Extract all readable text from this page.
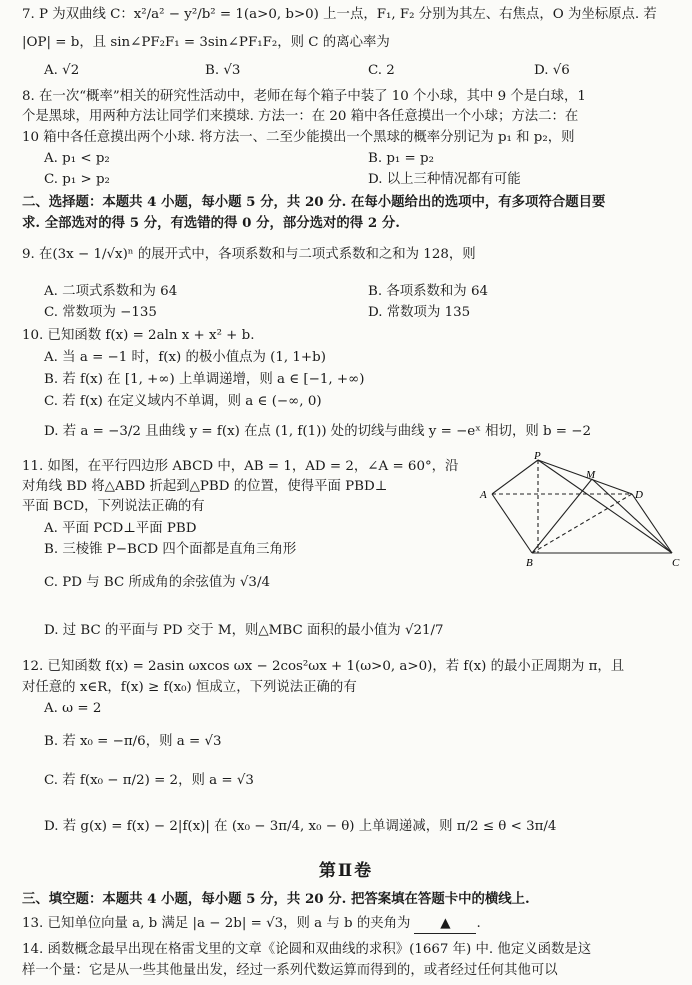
7. P 为双曲线 C：x²/a² − y²/b² = 1(a>0, b>0) 上一点，F₁, F₂ 分别为其左、右焦点，O 为坐标原点. 若
|OP| = b，且 sin∠PF₂F₁ = 3sin∠PF₁F₂，则 C 的离心率为
A. √2	B. √3	C. 2	D. √6
8. 在一次“概率”相关的研究性活动中，老师在每个箱子中装了 10 个小球，其中 9 个是白球，1
个是黑球，用两种方法让同学们来摸球. 方法一：在 20 箱中各任意摸出一个小球；方法二：在
10 箱中各任意摸出两个小球. 将方法一、二至少能摸出一个黑球的概率分别记为 p₁ 和 p₂，则
A. p₁ < p₂	B. p₁ = p₂
C. p₁ > p₂	D. 以上三种情况都有可能
二、选择题：本题共 4 小题，每小题 5 分，共 20 分. 在每小题给出的选项中，有多项符合题目要
求. 全部选对的得 5 分，有选错的得 0 分，部分选对的得 2 分.
9. 在(3x − 1/√x)ⁿ 的展开式中，各项系数和与二项式系数和之和为 128，则
A. 二项式系数和为 64	B. 各项系数和为 64
C. 常数项为 −135	D. 常数项为 135
10. 已知函数 f(x) = 2aln x + x² + b.
A. 当 a = −1 时，f(x) 的极小值点为 (1, 1+b)
B. 若 f(x) 在 [1, +∞) 上单调递增，则 a ∈ [−1, +∞)
C. 若 f(x) 在定义域内不单调，则 a ∈ (−∞, 0)
D. 若 a = −3/2 且曲线 y = f(x) 在点 (1, f(1)) 处的切线与曲线 y = −eˣ 相切，则 b = −2
11. 如图，在平行四边形 ABCD 中，AB = 1，AD = 2，∠A = 60°，沿
对角线 BD 将△ABD 折起到△PBD 的位置，使得平面 PBD⊥
平面 BCD，下列说法正确的有
A. 平面 PCD⊥平面 PBD
B. 三棱锥 P−BCD 四个面都是直角三角形
C. PD 与 BC 所成角的余弦值为 √3/4
D. 过 BC 的平面与 PD 交于 M，则△MBC 面积的最小值为 √21/7
P
M
A	D
B	C
12. 已知函数 f(x) = 2asin ωxcos ωx − 2cos²ωx + 1(ω>0, a>0)，若 f(x) 的最小正周期为 π，且
对任意的 x∈R，f(x) ≥ f(x₀) 恒成立，下列说法正确的有
A. ω = 2
B. 若 x₀ = −π/6，则 a = √3
C. 若 f(x₀ − π/2) = 2，则 a = √3
D. 若 g(x) = f(x) − 2|f(x)| 在 (x₀ − 3π/4, x₀ − θ) 上单调递减，则 π/2 ≤ θ < 3π/4
第Ⅱ卷
三、填空题：本题共 4 小题，每小题 5 分，共 20 分. 把答案填在答题卡中的横线上.
13. 已知单位向量 a, b 满足 |a − 2b| = √3，则 a 与 b 的夹角为 ▲ .
14. 函数概念最早出现在格雷戈里的文章《论圆和双曲线的求积》(1667 年) 中. 他定义函数是这
样一个量：它是从一些其他量出发，经过一系列代数运算而得到的，或者经过任何其他可以
